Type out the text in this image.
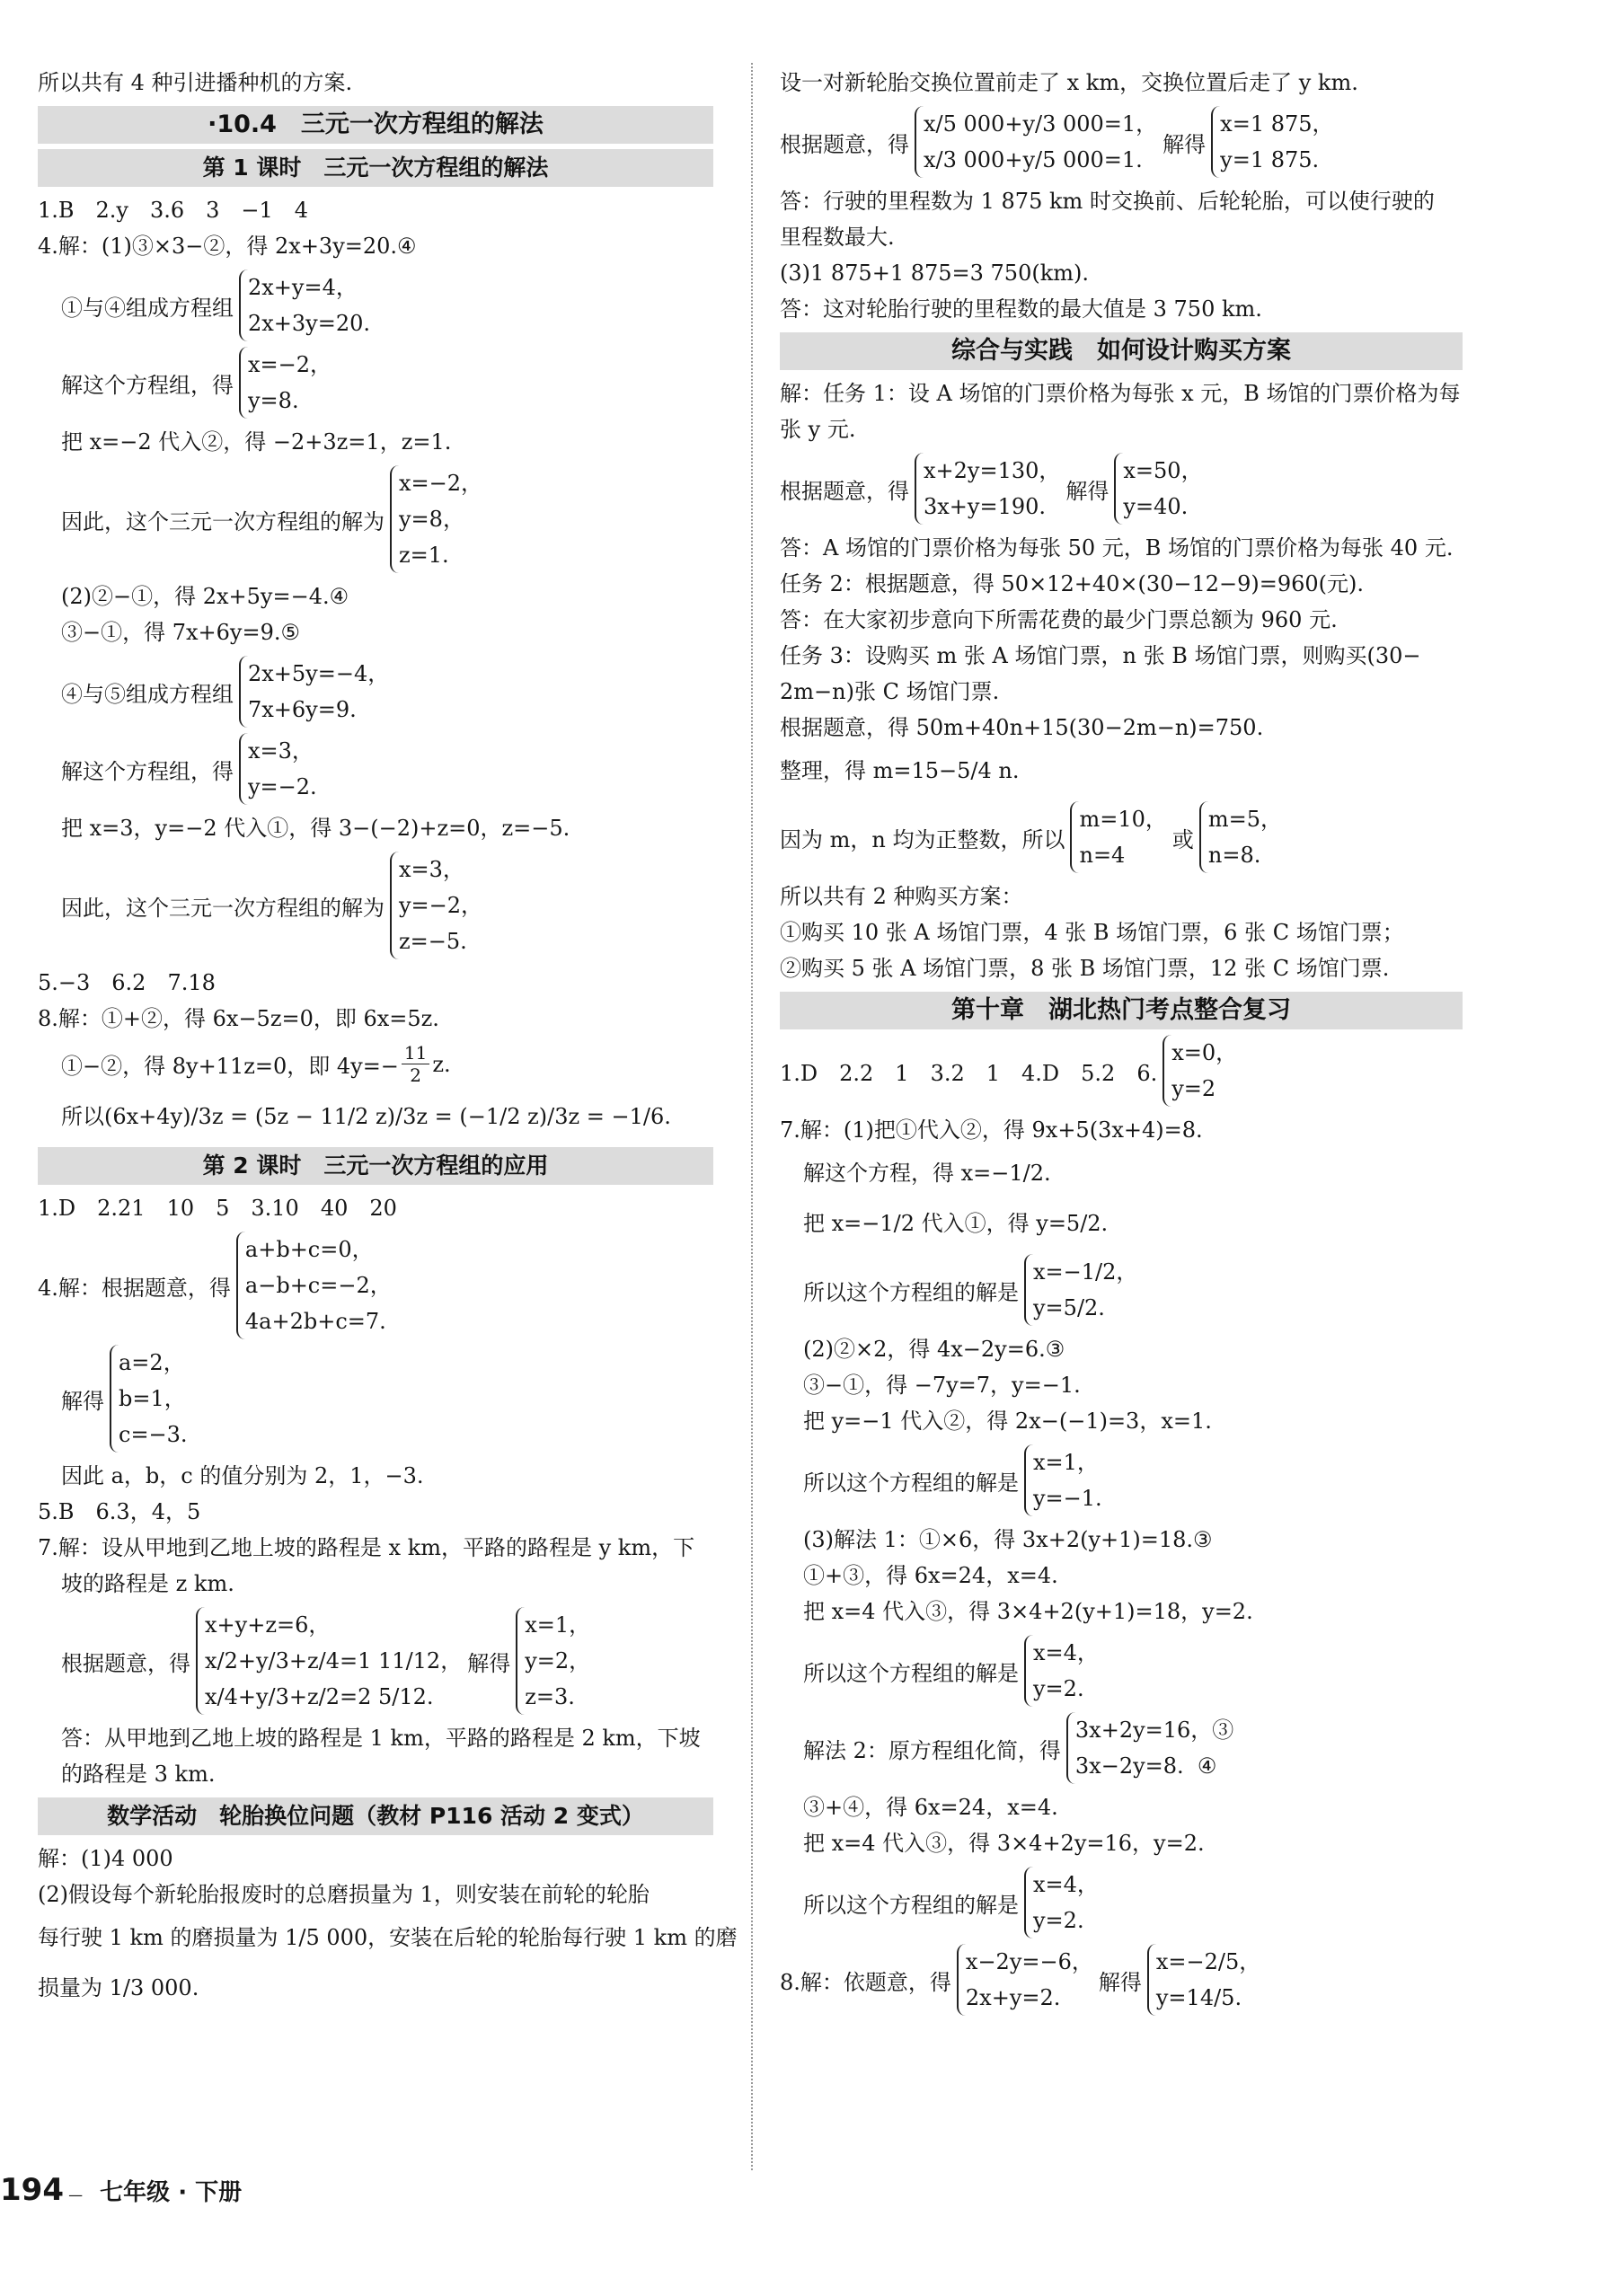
所以共有 4 种引进播种机的方案.
·10.4　三元一次方程组的解法
第 1 课时　三元一次方程组的解法
1.B　2.y　3.6　3　−1　4
4.解：(1)③×3−②，得 2x+3y=20.④
①与④组成方程组
2x+y=4，
2x+3y=20.
解这个方程组，得
x=−2，
y=8.
把 x=−2 代入②，得 −2+3z=1，z=1.
因此，这个三元一次方程组的解为
x=−2，
y=8，
z=1.
(2)②−①，得 2x+5y=−4.④
③−①，得 7x+6y=9.⑤
④与⑤组成方程组
2x+5y=−4，
7x+6y=9.
解这个方程组，得
x=3，
y=−2.
把 x=3，y=−2 代入①，得 3−(−2)+z=0，z=−5.
因此，这个三元一次方程组的解为
x=3，
y=−2，
z=−5.
5.−3　6.2　7.18
8.解：①+②，得 6x−5z=0，即 6x=5z.
①−②，得 8y+11z=0，即 $4y=- \frac{11}{2} z$.
所以(6x+4y)/3z = (5z − 11/2 z)/3z = (−1/2 z)/3z = −1/6.
第 2 课时　三元一次方程组的应用
1.D　2.21　10　5　3.10　40　20
4.解：根据题意，得
a+b+c=0，
a−b+c=−2，
4a+2b+c=7.
解得
a=2，
b=1，
c=−3.
因此 a，b，c 的值分别为 2，1，−3.
5.B　6.3，4，5
7.解：设从甲地到乙地上坡的路程是 x km，平路的路程是 y km，下
坡的路程是 z km.
根据题意，得
x+y+z=6，
x/2+y/3+z/4=1 11/12，
x/4+y/3+z/2=2 5/12.
解得
x=1，
y=2，
z=3.
答：从甲地到乙地上坡的路程是 1 km，平路的路程是 2 km，下坡
的路程是 3 km.
数学活动　轮胎换位问题（教材 P116 活动 2 变式）
解：(1)4 000
(2)假设每个新轮胎报废时的总磨损量为 1，则安装在前轮的轮胎
每行驶 1 km 的磨损量为 1/5 000，安装在后轮的轮胎每行驶 1 km 的磨
损量为 1/3 000.
设一对新轮胎交换位置前走了 x km，交换位置后走了 y km.
根据题意，得
x/5 000+y/3 000=1，
x/3 000+y/5 000=1.
解得
x=1 875，
y=1 875.
答：行驶的里程数为 1 875 km 时交换前、后轮轮胎，可以使行驶的
里程数最大.
(3)1 875+1 875=3 750(km).
答：这对轮胎行驶的里程数的最大值是 3 750 km.
综合与实践　如何设计购买方案
解：任务 1：设 A 场馆的门票价格为每张 x 元，B 场馆的门票价格为每
张 y 元.
根据题意，得
x+2y=130，
3x+y=190.
解得
x=50，
y=40.
答：A 场馆的门票价格为每张 50 元，B 场馆的门票价格为每张 40 元.
任务 2：根据题意，得 50×12+40×(30−12−9)=960(元).
答：在大家初步意向下所需花费的最少门票总额为 960 元.
任务 3：设购买 m 张 A 场馆门票，n 张 B 场馆门票，则购买(30−
2m−n)张 C 场馆门票.
根据题意，得 50m+40n+15(30−2m−n)=750.
整理，得 m=15−5/4 n.
因为 m，n 均为正整数，所以
m=10，
n=4
或
m=5，
n=8.
所以共有 2 种购买方案：
①购买 10 张 A 场馆门票，4 张 B 场馆门票，6 张 C 场馆门票；
②购买 5 张 A 场馆门票，8 张 B 场馆门票，12 张 C 场馆门票.
第十章　湖北热门考点整合复习
1.D　2.2　1　3.2　1　4.D　5.2　6.
x=0，
y=2
7.解：(1)把①代入②，得 9x+5(3x+4)=8.
解这个方程，得 x=−1/2.
把 x=−1/2 代入①，得 y=5/2.
所以这个方程组的解是
x=−1/2，
y=5/2.
(2)②×2，得 4x−2y=6.③
③−①，得 −7y=7，y=−1.
把 y=−1 代入②，得 2x−(−1)=3，x=1.
所以这个方程组的解是
x=1，
y=−1.
(3)解法 1：①×6，得 3x+2(y+1)=18.③
①+③，得 6x=24，x=4.
把 x=4 代入③，得 3×4+2(y+1)=18，y=2.
所以这个方程组的解是
x=4，
y=2.
解法 2：原方程组化简，得
3x+2y=16，③
3x−2y=8.  ④
③+④，得 6x=24，x=4.
把 x=4 代入③，得 3×4+2y=16，y=2.
所以这个方程组的解是
x=4，
y=2.
8.解：依题意，得
x−2y=−6，
2x+y=2.
解得
x=−2/5，
y=14/5.
194 — 七年级 · 下册
